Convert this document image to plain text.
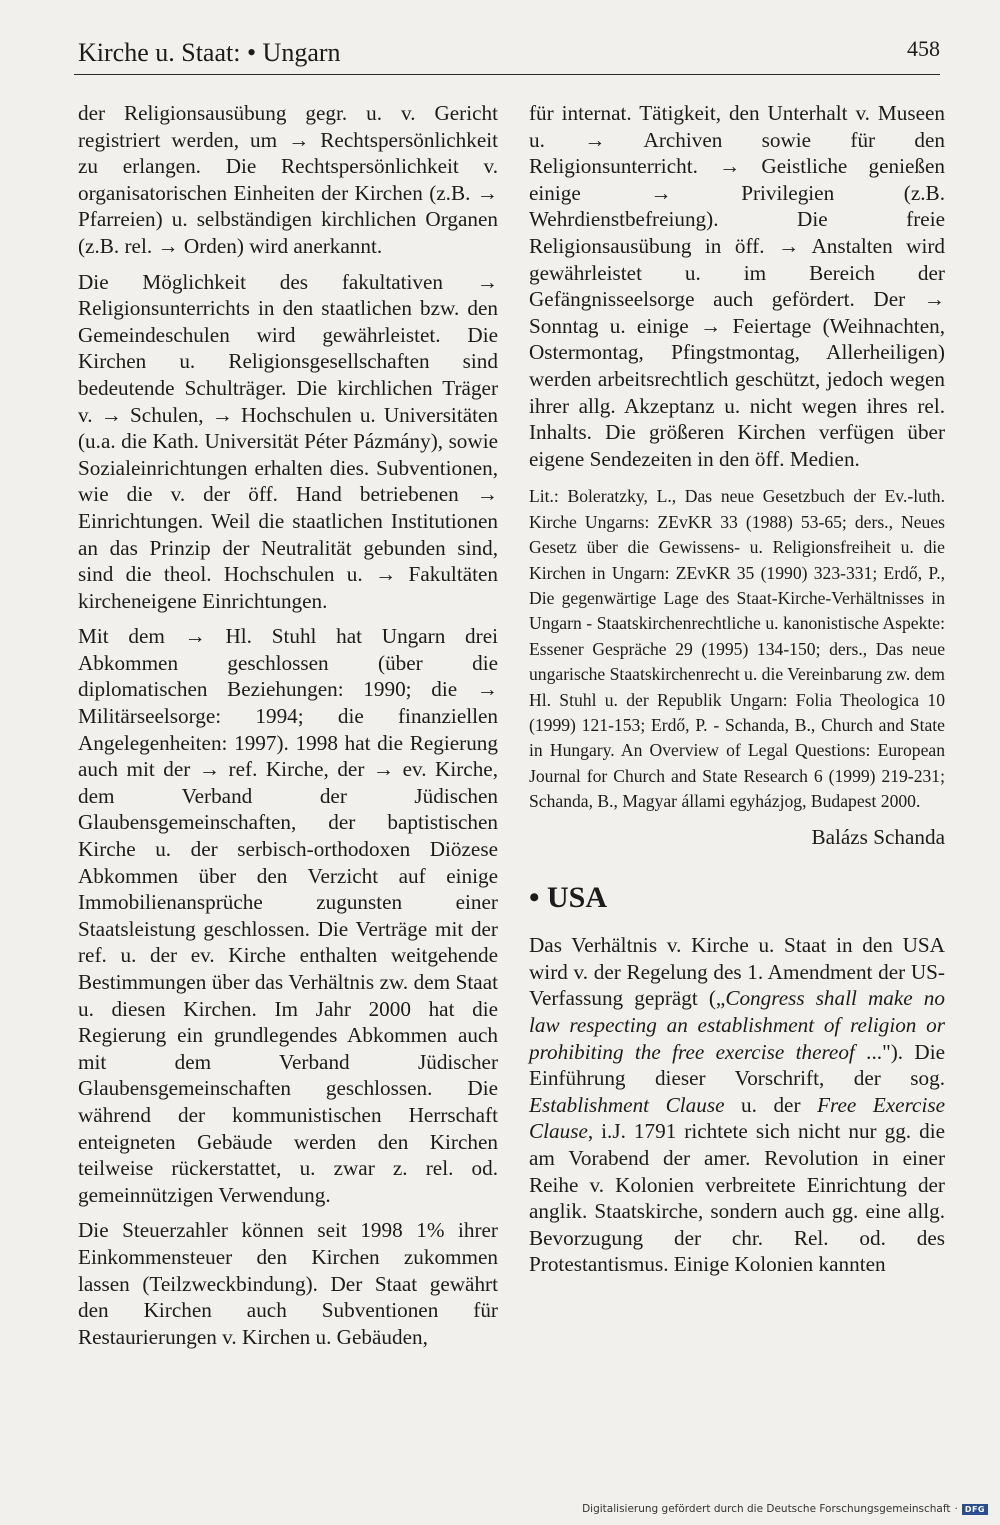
Kirche u. Staat: • Ungarn	458

der Religionsausübung gegr. u. v. Gericht registriert werden, um → Rechtspersönlichkeit zu erlangen. Die Rechtspersönlichkeit v. organisatorischen Einheiten der Kirchen (z.B. → Pfarreien) u. selbständigen kirchlichen Organen (z.B. rel. → Orden) wird anerkannt.

Die Möglichkeit des fakultativen → Religionsunterrichts in den staatlichen bzw. den Gemeindeschulen wird gewährleistet. Die Kirchen u. Religionsgesellschaften sind bedeutende Schulträger. Die kirchlichen Träger v. → Schulen, → Hochschulen u. Universitäten (u.a. die Kath. Universität Péter Pázmány), sowie Sozialeinrichtungen erhalten dies. Subventionen, wie die v. der öff. Hand betriebenen → Einrichtungen. Weil die staatlichen Institutionen an das Prinzip der Neutralität gebunden sind, sind die theol. Hochschulen u. → Fakultäten kircheneigene Einrichtungen.

Mit dem → Hl. Stuhl hat Ungarn drei Abkommen geschlossen (über die diplomatischen Beziehungen: 1990; die → Militärseelsorge: 1994; die finanziellen Angelegenheiten: 1997). 1998 hat die Regierung auch mit der → ref. Kirche, der → ev. Kirche, dem Verband der Jüdischen Glaubensgemeinschaften, der baptistischen Kirche u. der serbisch-orthodoxen Diözese Abkommen über den Verzicht auf einige Immobilienansprüche zugunsten einer Staatsleistung geschlossen. Die Verträge mit der ref. u. der ev. Kirche enthalten weitgehende Bestimmungen über das Verhältnis zw. dem Staat u. diesen Kirchen. Im Jahr 2000 hat die Regierung ein grundlegendes Abkommen auch mit dem Verband Jüdischer Glaubensgemeinschaften geschlossen. Die während der kommunistischen Herrschaft enteigneten Gebäude werden den Kirchen teilweise rückerstattet, u. zwar z. rel. od. gemeinnützigen Verwendung.

Die Steuerzahler können seit 1998 1% ihrer Einkommensteuer den Kirchen zukommen lassen (Teilzweckbindung). Der Staat gewährt den Kirchen auch Subventionen für Restaurierungen v. Kirchen u. Gebäuden,

für internat. Tätigkeit, den Unterhalt v. Museen u. → Archiven sowie für den Religionsunterricht. → Geistliche genießen einige → Privilegien (z.B. Wehrdienstbefreiung). Die freie Religionsausübung in öff. → Anstalten wird gewährleistet u. im Bereich der Gefängnisseelsorge auch gefördert. Der → Sonntag u. einige → Feiertage (Weihnachten, Ostermontag, Pfingstmontag, Allerheiligen) werden arbeitsrechtlich geschützt, jedoch wegen ihrer allg. Akzeptanz u. nicht wegen ihres rel. Inhalts. Die größeren Kirchen verfügen über eigene Sendezeiten in den öff. Medien.

Lit.: Boleratzky, L., Das neue Gesetzbuch der Ev.-luth. Kirche Ungarns: ZEvKR 33 (1988) 53-65; ders., Neues Gesetz über die Gewissens- u. Religionsfreiheit u. die Kirchen in Ungarn: ZEvKR 35 (1990) 323-331; Erdő, P., Die gegenwärtige Lage des Staat-Kirche-Verhältnisses in Ungarn - Staatskirchenrechtliche u. kanonistische Aspekte: Essener Gespräche 29 (1995) 134-150; ders., Das neue ungarische Staatskirchenrecht u. die Vereinbarung zw. dem Hl. Stuhl u. der Republik Ungarn: Folia Theologica 10 (1999) 121-153; Erdő, P. - Schanda, B., Church and State in Hungary. An Overview of Legal Questions: European Journal for Church and State Research 6 (1999) 219-231; Schanda, B., Magyar állami egyházjog, Budapest 2000.

Balázs Schanda
• USA

Das Verhältnis v. Kirche u. Staat in den USA wird v. der Regelung des 1. Amendment der US-Verfassung geprägt („Congress shall make no law respecting an establishment of religion or prohibiting the free exercise thereof ..."). Die Einführung dieser Vorschrift, der sog. Establishment Clause u. der Free Exercise Clause, i.J. 1791 richtete sich nicht nur gg. die am Vorabend der amer. Revolution in einer Reihe v. Kolonien verbreitete Einrichtung der anglik. Staatskirche, sondern auch gg. eine allg. Bevorzugung der chr. Rel. od. des Protestantismus. Einige Kolonien kannten

Digitalisierung gefördert durch die Deutsche Forschungsgemeinschaft · DFG
